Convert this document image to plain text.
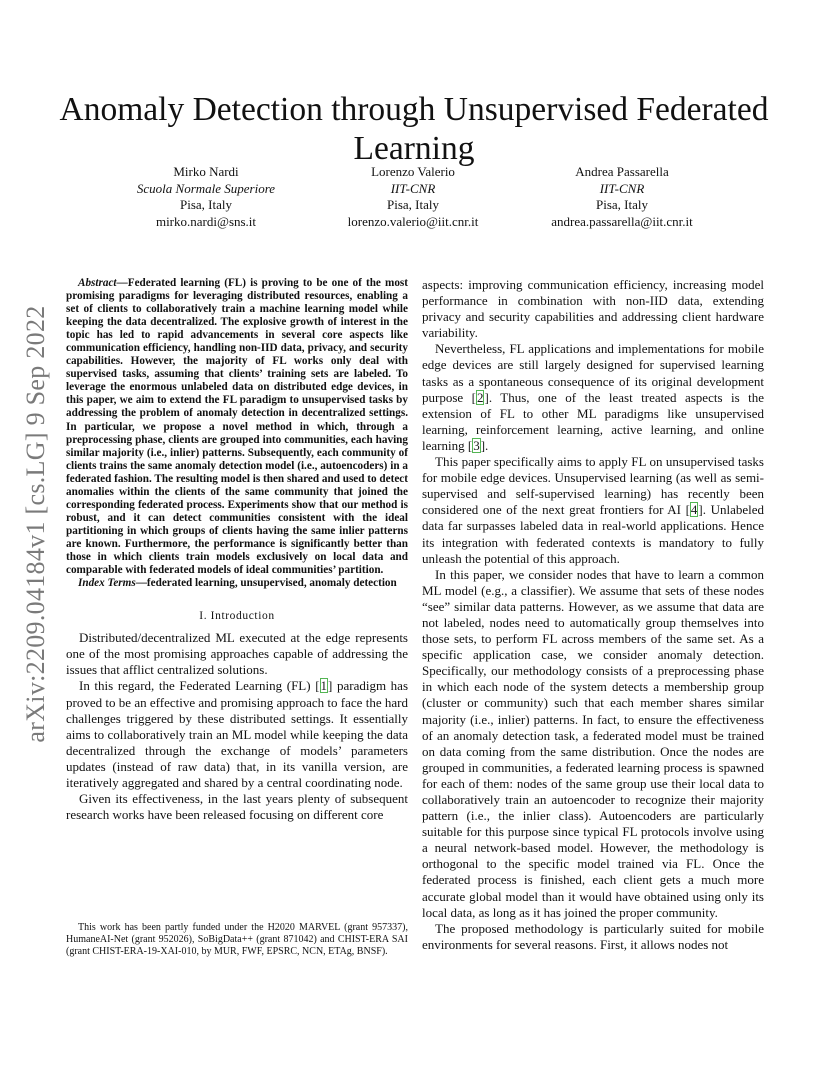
arXiv:2209.04184v1 [cs.LG] 9 Sep 2022
Anomaly Detection through Unsupervised Federated Learning
Mirko Nardi
Scuola Normale Superiore
Pisa, Italy
mirko.nardi@sns.it
Lorenzo Valerio
IIT-CNR
Pisa, Italy
lorenzo.valerio@iit.cnr.it
Andrea Passarella
IIT-CNR
Pisa, Italy
andrea.passarella@iit.cnr.it

Abstract—Federated learning (FL) is proving to be one of the most promising paradigms for leveraging distributed resources, enabling a set of clients to collaboratively train a machine learning model while keeping the data decentralized. The explosive growth of interest in the topic has led to rapid advancements in several core aspects like communication efficiency, handling non-IID data, privacy, and security capabilities. However, the majority of FL works only deal with supervised tasks, assuming that clients’ training sets are labeled. To leverage the enormous unlabeled data on distributed edge devices, in this paper, we aim to extend the FL paradigm to unsupervised tasks by addressing the problem of anomaly detection in decentralized settings. In particular, we propose a novel method in which, through a preprocessing phase, clients are grouped into communities, each having similar majority (i.e., inlier) patterns. Subsequently, each community of clients trains the same anomaly detection model (i.e., autoencoders) in a federated fashion. The resulting model is then shared and used to detect anomalies within the clients of the same community that joined the corresponding federated process. Experiments show that our method is robust, and it can detect communities consistent with the ideal partitioning in which groups of clients having the same inlier patterns are known. Furthermore, the performance is significantly better than those in which clients train models exclusively on local data and comparable with federated models of ideal communities’ partition.

Index Terms—federated learning, unsupervised, anomaly detection

I. Introduction

Distributed/decentralized ML executed at the edge represents one of the most promising approaches capable of addressing the issues that afflict centralized solutions.

In this regard, the Federated Learning (FL) [1] paradigm has proved to be an effective and promising approach to face the hard challenges triggered by these distributed settings. It essentially aims to collaboratively train an ML model while keeping the data decentralized through the exchange of models’ parameters updates (instead of raw data) that, in its vanilla version, are iteratively aggregated and shared by a central coordinating node.

Given its effectiveness, in the last years plenty of subsequent research works have been released focusing on different core

This work has been partly funded under the H2020 MARVEL (grant 957337), HumaneAI-Net (grant 952026), SoBigData++ (grant 871042) and CHIST-ERA SAI (grant CHIST-ERA-19-XAI-010, by MUR, FWF, EPSRC, NCN, ETAg, BNSF).

aspects: improving communication efficiency, increasing model performance in combination with non-IID data, extending privacy and security capabilities and addressing client hardware variability.

Nevertheless, FL applications and implementations for mobile edge devices are still largely designed for supervised learning tasks as a spontaneous consequence of its original development purpose [2]. Thus, one of the least treated aspects is the extension of FL to other ML paradigms like unsupervised learning, reinforcement learning, active learning, and online learning [3].

This paper specifically aims to apply FL on unsupervised tasks for mobile edge devices. Unsupervised learning (as well as semi-supervised and self-supervised learning) has recently been considered one of the next great frontiers for AI [4]. Unlabeled data far surpasses labeled data in real-world applications. Hence its integration with federated contexts is mandatory to fully unleash the potential of this approach.

In this paper, we consider nodes that have to learn a common ML model (e.g., a classifier). We assume that sets of these nodes “see” similar data patterns. However, as we assume that data are not labeled, nodes need to automatically group themselves into those sets, to perform FL across members of the same set. As a specific application case, we consider anomaly detection. Specifically, our methodology consists of a preprocessing phase in which each node of the system detects a membership group (cluster or community) such that each member shares similar majority (i.e., inlier) patterns. In fact, to ensure the effectiveness of an anomaly detection task, a federated model must be trained on data coming from the same distribution. Once the nodes are grouped in communities, a federated learning process is spawned for each of them: nodes of the same group use their local data to collaboratively train an autoencoder to recognize their majority pattern (i.e., the inlier class). Autoencoders are particularly suitable for this purpose since typical FL protocols involve using a neural network-based model. However, the methodology is orthogonal to the specific model trained via FL. Once the federated process is finished, each client gets a much more accurate global model than it would have obtained using only its local data, as long as it has joined the proper community.

The proposed methodology is particularly suited for mobile environments for several reasons. First, it allows nodes not
